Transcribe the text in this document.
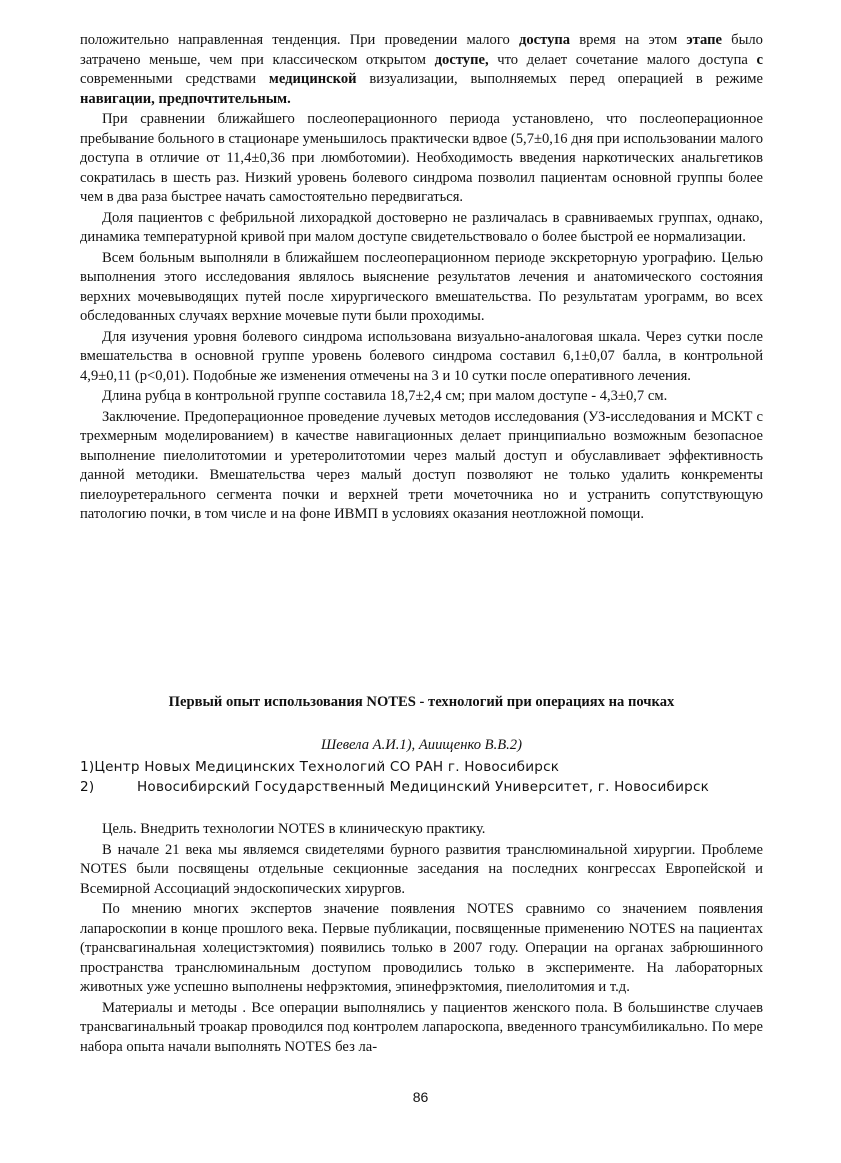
положительно направленная тенденция. При проведении малого доступа время на этом этапе было затрачено меньше, чем при классическом открытом доступе, что делает сочетание малого доступа с современными средствами медицинской визуализации, выполняемых перед операцией в режиме навигации, предпочтительным.

При сравнении ближайшего послеоперационного периода установлено, что послеоперационное пребывание больного в стационаре уменьшилось практически вдвое (5,7±0,16 дня при использовании малого доступа в отличие от 11,4±0,36 при люмботомии). Необходимость введения наркотических анальгетиков сократилась в шесть раз. Низкий уровень болевого синдрома позволил пациентам основной группы более чем в два раза быстрее начать самостоятельно передвигаться.

Доля пациентов с фебрильной лихорадкой достоверно не различалась в сравниваемых группах, однако, динамика температурной кривой при малом доступе свидетельствовало о более быстрой ее нормализации.

Всем больным выполняли в ближайшем послеоперационном периоде экскреторную урографию. Целью выполнения этого исследования являлось выяснение результатов лечения и анатомического состояния верхних мочевыводящих путей после хирургического вмешательства. По результатам урограмм, во всех обследованных случаях верхние мочевые пути были проходимы.

Для изучения уровня болевого синдрома использована визуально-аналоговая шкала. Через сутки после вмешательства в основной группе уровень болевого синдрома составил 6,1±0,07 балла, в контрольной 4,9±0,11 (р<0,01). Подобные же изменения отмечены на 3 и 10 сутки после оперативного лечения.

Длина рубца в контрольной группе составила 18,7±2,4 см; при малом доступе - 4,3±0,7 см.

Заключение. Предоперационное проведение лучевых методов исследования (УЗ-исследования и МСКТ с трехмерным моделированием) в качестве навигационных делает принципиально возможным безопасное выполнение пиелолитотомии и уретеролитотомии через малый доступ и обуславливает эффективность данной методики. Вмешательства через малый доступ позволяют не только удалить конкременты пиелоуретерального сегмента почки и верхней трети мочеточника но и устранить сопутствующую патологию почки, в том числе и на фоне ИВМП в условиях оказания неотложной помощи.

Первый опыт использования NOTES - технологий при операциях на почках

Шевела А.И.1), Аиищенко В.В.2)

1)Центр Новых Медицинских Технологий СО РАН г. Новосибирск

2)	Новосибирский Государственный Медицинский Университет, г. Новосибирск

Цель. Внедрить технологии NOTES в клиническую практику.

В начале 21 века мы являемся свидетелями бурного развития транслюминальной хирургии. Проблеме NOTES были посвящены отдельные секционные заседания на последних конгрессах Европейской и Всемирной Ассоциаций эндоскопических хирургов.

По мнению многих экспертов значение появления NOTES сравнимо со значением появления лапароскопии в конце прошлого века. Первые публикации, посвященные применению NOTES на пациентах (трансвагинальная холецистэктомия) появились только в 2007 году. Операции на органах забрюшинного пространства транслюминальным доступом проводились только в эксперименте. На лабораторных животных уже успешно выполнены нефрэктомия, эпинефрэктомия, пиелолитомия и т.д.

Материалы и методы . Все операции выполнялись у пациентов женского пола. В большинстве случаев трансвагинальный троакар проводился под контролем лапароскопа, введенного трансумбиликально. По мере набора опыта начали выполнять NOTES без ла-

86
